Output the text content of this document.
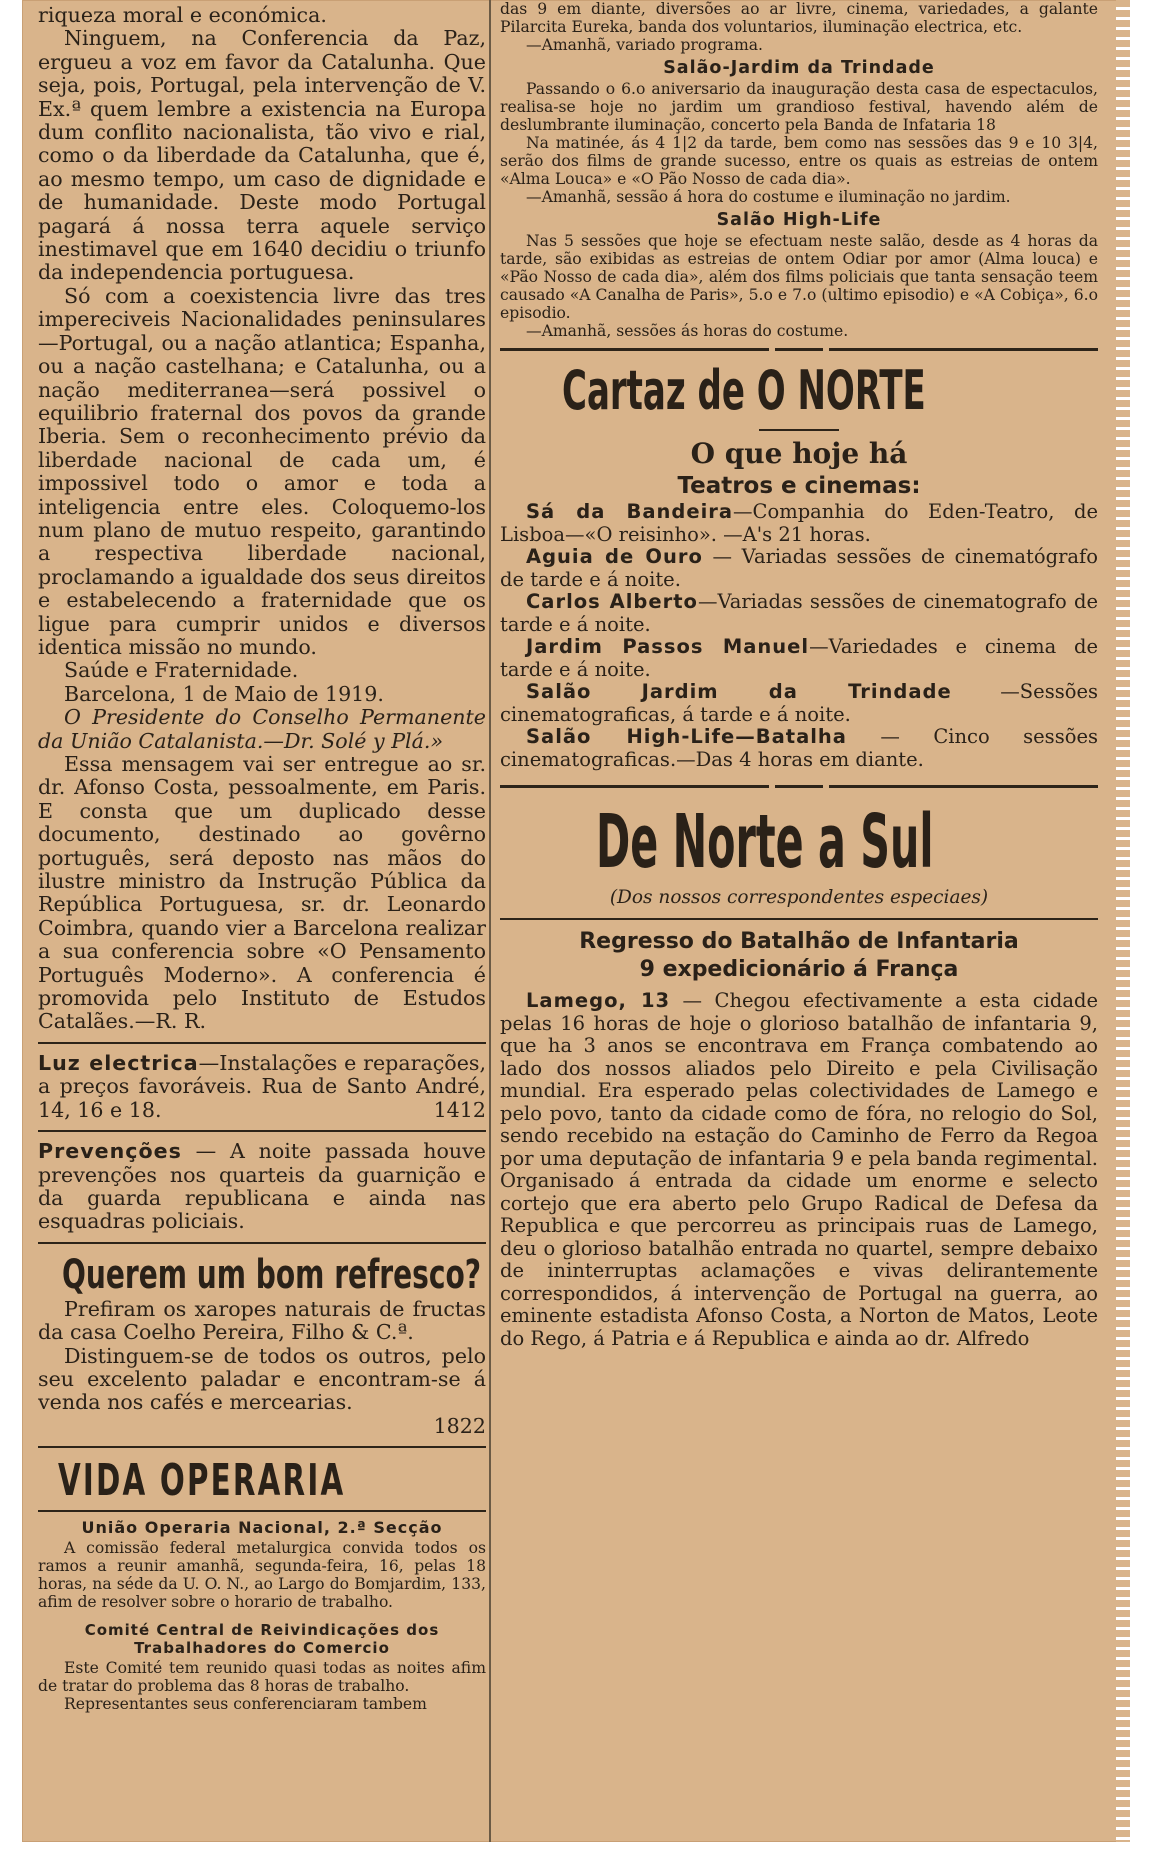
riqueza moral e económica.

Ninguem, na Conferencia da Paz, ergueu a voz em favor da Catalunha. Que seja, pois, Portugal, pela intervenção de V. Ex.ª quem lembre a existencia na Europa dum conflito nacionalista, tão vivo e rial, como o da liberdade da Catalunha, que é, ao mesmo tempo, um caso de dignidade e de humanidade. Deste modo Portugal pagará á nossa terra aquele serviço inestimavel que em 1640 decidiu o triunfo da independencia portuguesa.

Só com a coexistencia livre das tres impereciveis Nacionalidades peninsulares—Portugal, ou a nação atlantica; Espanha, ou a nação castelhana; e Catalunha, ou a nação mediterranea—será possivel o equilibrio fraternal dos povos da grande Iberia. Sem o reconhecimento prévio da liberdade nacional de cada um, é impossivel todo o amor e toda a inteligencia entre eles. Coloquemo-los num plano de mutuo respeito, garantindo a respectiva liberdade nacional, proclamando a igualdade dos seus direitos e estabelecendo a fraternidade que os ligue para cumprir unidos e diversos identica missão no mundo.

Saúde e Fraternidade.

Barcelona, 1 de Maio de 1919.

O Presidente do Conselho Permanente da União Catalanista.—Dr. Solé y Plá.»

Essa mensagem vai ser entregue ao sr. dr. Afonso Costa, pessoalmente, em Paris. E consta que um duplicado desse documento, destinado ao govêrno português, será deposto nas mãos do ilustre ministro da Instrução Pública da República Portuguesa, sr. dr. Leonardo Coimbra, quando vier a Barcelona realizar a sua conferencia sobre «O Pensamento Português Moderno». A conferencia é promovida pelo Instituto de Estudos Catalães.—R. R.

Luz electrica—Instalações e reparações, a preços favoráveis. Rua de Santo André, 14, 16 e 18.	1412

Prevenções — A noite passada houve prevenções nos quarteis da guarnição e da guarda republicana e ainda nas esquadras policiais.

Querem um bom refresco?

Prefiram os xaropes naturais de fructas da casa Coelho Pereira, Filho & C.ª.

Distinguem-se de todos os outros, pelo seu excelento paladar e encontram-se á venda nos cafés e mercearias.

1822

VIDA OPERARIA
União Operaria Nacional, 2.ª Secção

A comissão federal metalurgica convida todos os ramos a reunir amanhã, segunda-feira, 16, pelas 18 horas, na séde da U. O. N., ao Largo do Bomjardim, 133, afim de resolver sobre o horario de trabalho.

Comité Central de Reivindicações dos Trabalhadores do Comercio

Este Comité tem reunido quasi todas as noites afim de tratar do problema das 8 horas de trabalho.

Representantes seus conferenciaram tambem

das 9 em diante, diversões ao ar livre, cinema, variedades, a galante Pilarcita Eureka, banda dos voluntarios, iluminação electrica, etc.

—Amanhã, variado programa.

Salão-Jardim da Trindade

Passando o 6.o aniversario da inauguração desta casa de espectaculos, realisa-se hoje no jardim um grandioso festival, havendo além de deslumbrante iluminação, concerto pela Banda de Infataria 18

Na matinée, ás 4 1|2 da tarde, bem como nas sessões das 9 e 10 3|4, serão dos films de grande sucesso, entre os quais as estreias de ontem «Alma Louca» e «O Pão Nosso de cada dia».

—Amanhã, sessão á hora do costume e iluminação no jardim.

Salão High-Life

Nas 5 sessões que hoje se efectuam neste salão, desde as 4 horas da tarde, são exibidas as estreias de ontem Odiar por amor (Alma louca) e «Pão Nosso de cada dia», além dos films policiais que tanta sensação teem causado «A Canalha de Paris», 5.o e 7.o (ultimo episodio) e «A Cobiça», 6.o episodio.

—Amanhã, sessões ás horas do costume.

Cartaz de O NORTE
O que hoje há
Teatros e cinemas:

Sá da Bandeira—Companhia do Eden-Teatro, de Lisboa—«O reisinho». —A's 21 horas.

Aguia de Ouro — Variadas sessões de cinematógrafo de tarde e á noite.

Carlos Alberto—Variadas sessões de cinematografo de tarde e á noite.

Jardim Passos Manuel—Variedades e cinema de tarde e á noite.

Salão Jardim da Trindade —Sessões cinematograficas, á tarde e á noite.

Salão High-Life—Batalha — Cinco sessões cinematograficas.—Das 4 horas em diante.

De Norte a Sul
(Dos nossos correspondentes especiaes)
Regresso do Batalhão de Infantaria
9 expedicionário á França

Lamego, 13 — Chegou efectivamente a esta cidade pelas 16 horas de hoje o glorioso batalhão de infantaria 9, que ha 3 anos se encontrava em França combatendo ao lado dos nossos aliados pelo Direito e pela Civilisação mundial. Era esperado pelas colectividades de Lamego e pelo povo, tanto da cidade como de fóra, no relogio do Sol, sendo recebido na estação do Caminho de Ferro da Regoa por uma deputação de infantaria 9 e pela banda regimental. Organisado á entrada da cidade um enorme e selecto cortejo que era aberto pelo Grupo Radical de Defesa da Republica e que percorreu as principais ruas de Lamego, deu o glorioso batalhão entrada no quartel, sempre debaixo de ininterruptas aclamações e vivas delirantemente correspondidos, á intervenção de Portugal na guerra, ao eminente estadista Afonso Costa, a Norton de Matos, Leote do Rego, á Patria e á Republica e ainda ao dr. Alfredo
